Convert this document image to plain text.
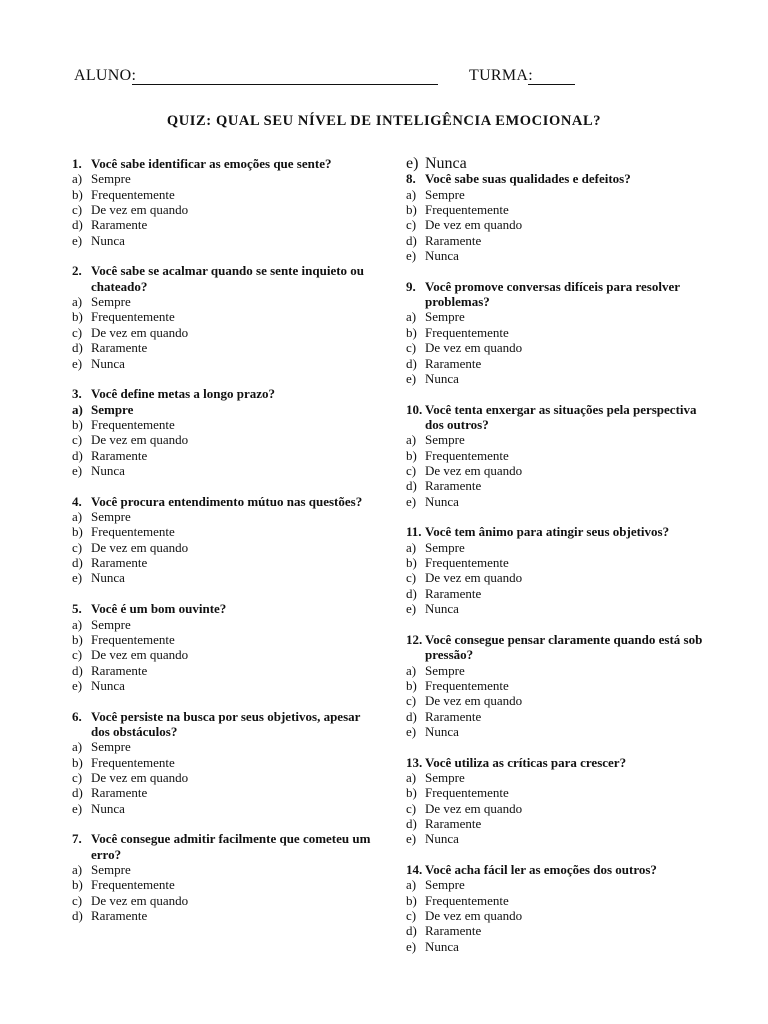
ALUNO:	TURMA:
QUIZ: QUAL SEU NÍVEL DE INTELIGÊNCIA EMOCIONAL?
1. Você sabe identificar as emoções que sente?
a) Sempre
b) Frequentemente
c) De vez em quando
d) Raramente
e) Nunca
2. Você sabe se acalmar quando se sente inquieto ou chateado?
a) Sempre
b) Frequentemente
c) De vez em quando
d) Raramente
e) Nunca
3. Você define metas a longo prazo?
a) Sempre
b) Frequentemente
c) De vez em quando
d) Raramente
e) Nunca
4. Você procura entendimento mútuo nas questões?
a) Sempre
b) Frequentemente
c) De vez em quando
d) Raramente
e) Nunca
5. Você é um bom ouvinte?
a) Sempre
b) Frequentemente
c) De vez em quando
d) Raramente
e) Nunca
6. Você persiste na busca por seus objetivos, apesar dos obstáculos?
a) Sempre
b) Frequentemente
c) De vez em quando
d) Raramente
e) Nunca
7. Você consegue admitir facilmente que cometeu um erro?
a) Sempre
b) Frequentemente
c) De vez em quando
d) Raramente
e) Nunca
8. Você sabe suas qualidades e defeitos?
a) Sempre
b) Frequentemente
c) De vez em quando
d) Raramente
e) Nunca
9. Você promove conversas difíceis para resolver problemas?
a) Sempre
b) Frequentemente
c) De vez em quando
d) Raramente
e) Nunca
10. Você tenta enxergar as situações pela perspectiva dos outros?
a) Sempre
b) Frequentemente
c) De vez em quando
d) Raramente
e) Nunca
11. Você tem ânimo para atingir seus objetivos?
a) Sempre
b) Frequentemente
c) De vez em quando
d) Raramente
e) Nunca
12. Você consegue pensar claramente quando está sob pressão?
a) Sempre
b) Frequentemente
c) De vez em quando
d) Raramente
e) Nunca
13. Você utiliza as críticas para crescer?
a) Sempre
b) Frequentemente
c) De vez em quando
d) Raramente
e) Nunca
14. Você acha fácil ler as emoções dos outros?
a) Sempre
b) Frequentemente
c) De vez em quando
d) Raramente
e) Nunca
